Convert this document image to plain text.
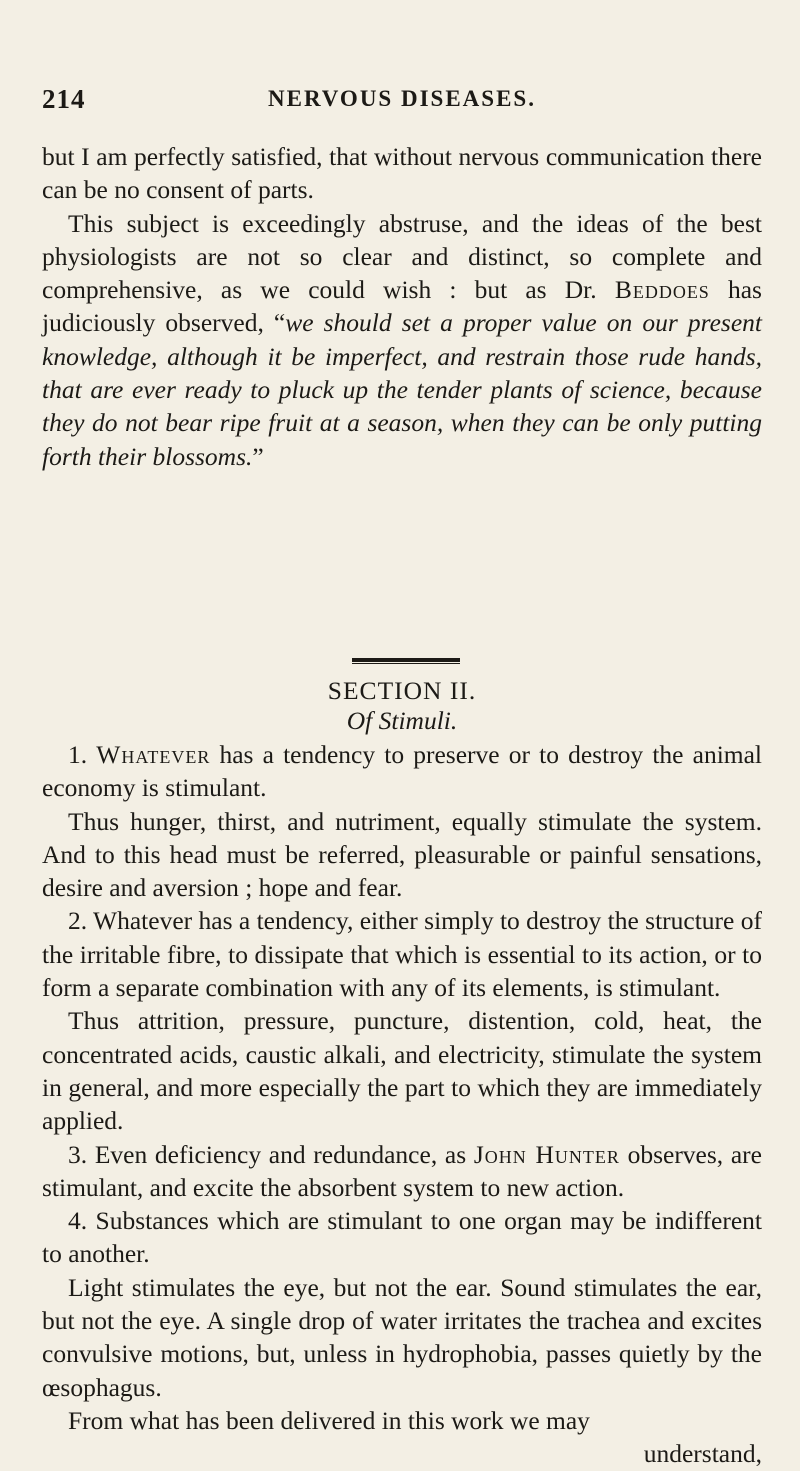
214	NERVOUS DISEASES.

but I am perfectly satisfied, that without nervous communication there can be no consent of parts.

This subject is exceedingly abstruse, and the ideas of the best physiologists are not so clear and distinct, so complete and comprehensive, as we could wish : but as Dr. Beddoes has judiciously observed, “we should set a proper value on our present knowledge, although it be imperfect, and restrain those rude hands, that are ever ready to pluck up the tender plants of science, because they do not bear ripe fruit at a season, when they can be only putting forth their blossoms.”

SECTION II.
Of Stimuli.

1. Whatever has a tendency to preserve or to destroy the animal economy is stimulant.

Thus hunger, thirst, and nutriment, equally stimulate the system. And to this head must be referred, pleasurable or painful sensations, desire and aversion ; hope and fear.

2. Whatever has a tendency, either simply to destroy the structure of the irritable fibre, to dissipate that which is essential to its action, or to form a separate combination with any of its elements, is stimulant.

Thus attrition, pressure, puncture, distention, cold, heat, the concentrated acids, caustic alkali, and electricity, stimulate the system in general, and more especially the part to which they are immediately applied.

3. Even deficiency and redundance, as John Hunter observes, are stimulant, and excite the absorbent system to new action.

4. Substances which are stimulant to one organ may be indifferent to another.

Light stimulates the eye, but not the ear. Sound stimulates the ear, but not the eye. A single drop of water irritates the trachea and excites convulsive motions, but, unless in hydrophobia, passes quietly by the œsophagus.

From what has been delivered in this work we may

understand,
